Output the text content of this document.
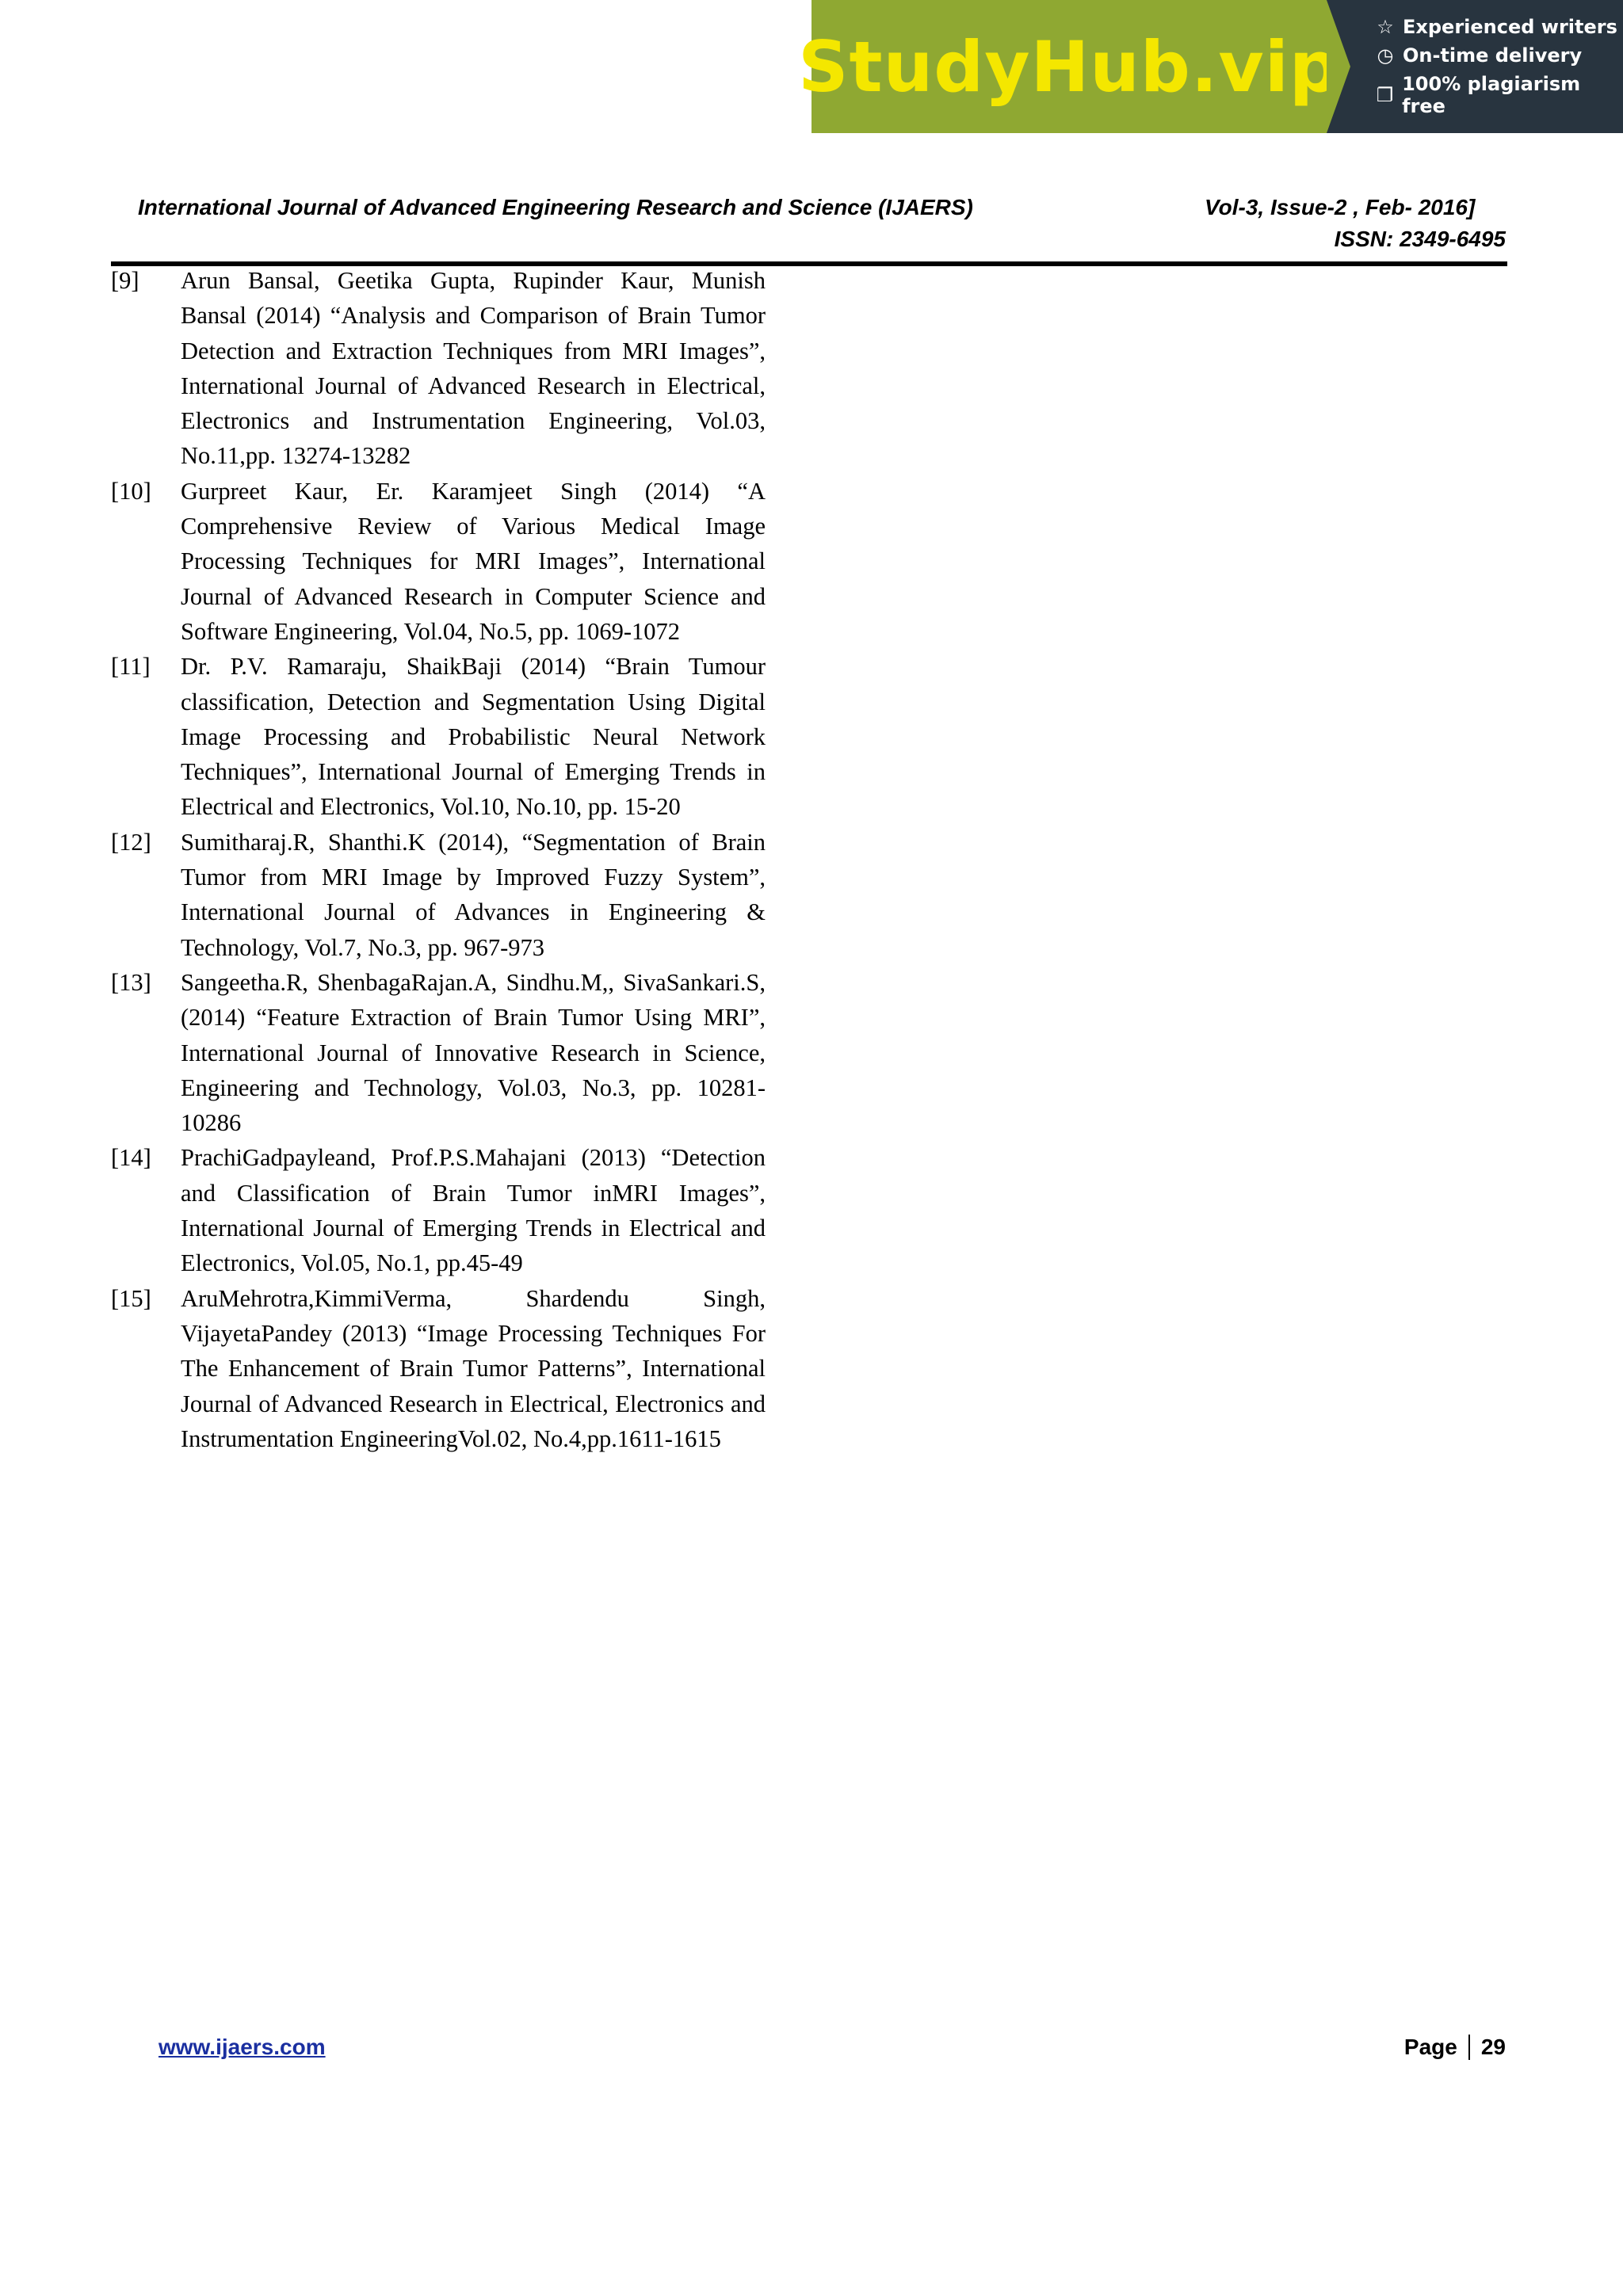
StudyHub.vip ☆ Experienced writers
◷ On-time delivery
❐ 100% plagiarism free
International Journal of Advanced Engineering Research and Science (IJAERS)	Vol-3, Issue-2 , Feb- 2016]
ISSN: 2349-6495
[9]	Arun Bansal, Geetika Gupta, Rupinder Kaur, Munish Bansal (2014) “Analysis and Comparison of Brain Tumor Detection and Extraction Techniques from MRI Images”, International Journal of Advanced Research in Electrical, Electronics and Instrumentation Engineering, Vol.03, No.11,pp. 13274-13282
[10]	Gurpreet Kaur, Er. Karamjeet Singh (2014) “A Comprehensive Review of Various Medical Image Processing Techniques for MRI Images”, International Journal of Advanced Research in Computer Science and Software Engineering, Vol.04, No.5, pp. 1069-1072
[11]	Dr. P.V. Ramaraju, ShaikBaji (2014) “Brain Tumour classification, Detection and Segmentation Using Digital Image Processing and Probabilistic Neural Network Techniques”, International Journal of Emerging Trends in Electrical and Electronics, Vol.10, No.10, pp. 15-20
[12]	Sumitharaj.R, Shanthi.K (2014), “Segmentation of Brain Tumor from MRI Image by Improved Fuzzy System”, International Journal of Advances in Engineering & Technology, Vol.7, No.3, pp. 967-973
[13]	Sangeetha.R, ShenbagaRajan.A, Sindhu.M,, SivaSankari.S, (2014) “Feature Extraction of Brain Tumor Using MRI”, International Journal of Innovative Research in Science, Engineering and Technology, Vol.03, No.3, pp. 10281-10286
[14]	PrachiGadpayleand, Prof.P.S.Mahajani (2013) “Detection and Classification of Brain Tumor inMRI Images”, International Journal of Emerging Trends in Electrical and Electronics, Vol.05, No.1, pp.45-49
[15]	AruMehrotra,KimmiVerma, Shardendu Singh, VijayetaPandey (2013) “Image Processing Techniques For The Enhancement of Brain Tumor Patterns”, International Journal of Advanced Research in Electrical, Electronics and Instrumentation EngineeringVol.02, No.4,pp.1611-1615
www.ijaers.com	Page 29
